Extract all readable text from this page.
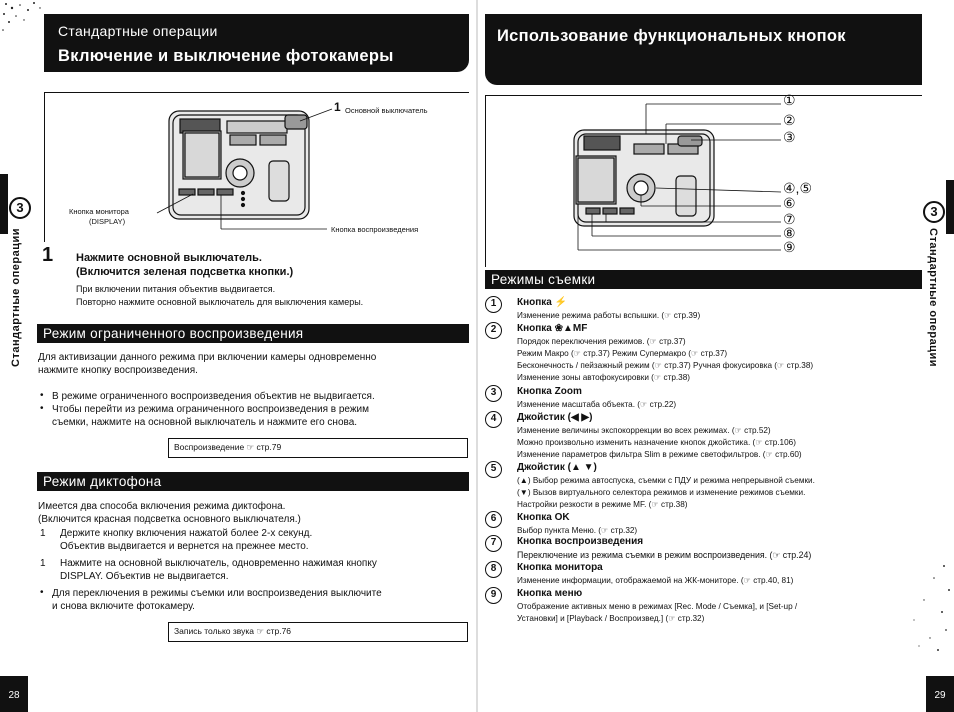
Стандартные операции
Включение и выключение фотокамеры
3
Стандартные операции
1 Основной выключатель
Кнопка монитора
(DISPLAY)
Кнопка воспроизведения
1 Нажмите основной выключатель.
(Включится зеленая подсветка кнопки.)
При включении питания объектив выдвигается.
Повторно нажмите основной выключатель для выключения камеры.
Режим ограниченного воспроизведения
Для активизации данного режима при включении камеры одновременно
нажмите кнопку воспроизведения.
• В режиме ограниченного воспроизведения объектив не выдвигается.
• Чтобы перейти из режима ограниченного воспроизведения в режим
съемки, нажмите на основной выключатель и нажмите его снова.
Воспроизведение ☞ стр.79
Режим диктофона
Имеется два способа включения режима диктофона.
(Включится красная подсветка основного выключателя.)
1 Держите кнопку включения нажатой более 2-х секунд.
Объектив выдвигается и вернется на прежнее место.
1 Нажмите на основной выключатель, одновременно нажимая кнопку
DISPLAY. Объектив не выдвигается.
• Для переключения в режимы съемки или воспроизведения выключите
и снова включите фотокамеру.
Запись только звука ☞ стр.76
28
Использование функциональных кнопок
3
Стандартные операции
①
②
③
④,⑤
⑥
⑦
⑧
⑨
Режимы съемки
1	Кнопка ⚡
Изменение режима работы вспышки. (☞ стр.39)
2	Кнопка ❀▲MF
Порядок переключения режимов. (☞ стр.37)
Режим Макро (☞ стр.37) Режим Супермакро (☞ стр.37)
Бесконечность / пейзажный режим (☞ стр.37) Ручная фокусировка (☞ стр.38)
Изменение зоны автофокусировки (☞ стр.38)
3	Кнопка Zoom
Изменение масштаба объекта. (☞ стр.22)
4	Джойстик (◀ ▶)
Изменение величины экспокоррекции во всех режимах. (☞ стр.52)
Можно произвольно изменить назначение кнопок джойстика. (☞ стр.106)
Изменение параметров фильтра Slim в режиме светофильтров. (☞ стр.60)
5	Джойстик (▲ ▼)
(▲) Выбор режима автоспуска, съемки с ПДУ и режима непрерывной съемки.
(▼) Вызов виртуального селектора режимов и изменение режимов съемки.
Настройки резкости в режиме MF. (☞ стр.38)
6	Кнопка OK
Выбор пункта Меню. (☞ стр.32)
7	Кнопка воспроизведения
Переключение из режима съемки в режим воспроизведения. (☞ стр.24)
8	Кнопка монитора
Изменение информации, отображаемой на ЖК-мониторе. (☞ стр.40, 81)
9	Кнопка меню
Отображение активных меню в режимах [Rec. Mode / Съемка], и [Set-up /
Установки] и [Playback / Воспроизвед.] (☞ стр.32)
29
